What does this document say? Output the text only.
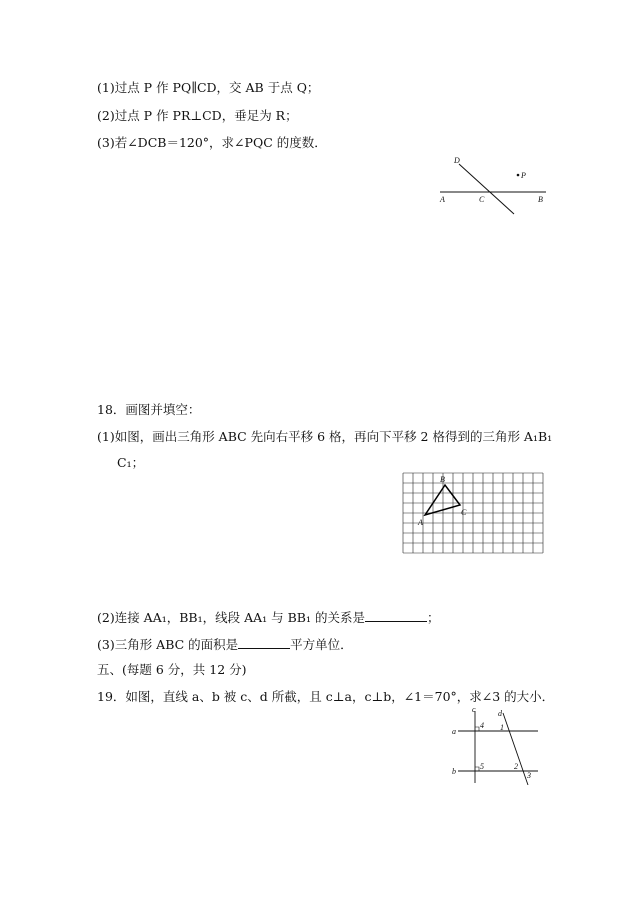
(1)过点 P 作 PQ∥CD，交 AB 于点 Q；
(2)过点 P 作 PR⊥CD，垂足为 R；
(3)若∠DCB＝120°，求∠PQC 的度数．
D
P
A	C	B
18．画图并填空：
(1)如图，画出三角形 ABC 先向右平移 6 格，再向下平移 2 格得到的三角形 A₁B₁
C₁；
A
B
C
(2)连接 AA₁，BB₁，线段 AA₁ 与 BB₁ 的关系是	；
(3)三角形 ABC 的面积是	平方单位．
五、(每题 6 分，共 12 分)
19．如图，直线 a、b 被 c、d 所截，且 c⊥a，c⊥b，∠1＝70°，求∠3 的大小．
c	d
a
b
4 1
5	2
3
